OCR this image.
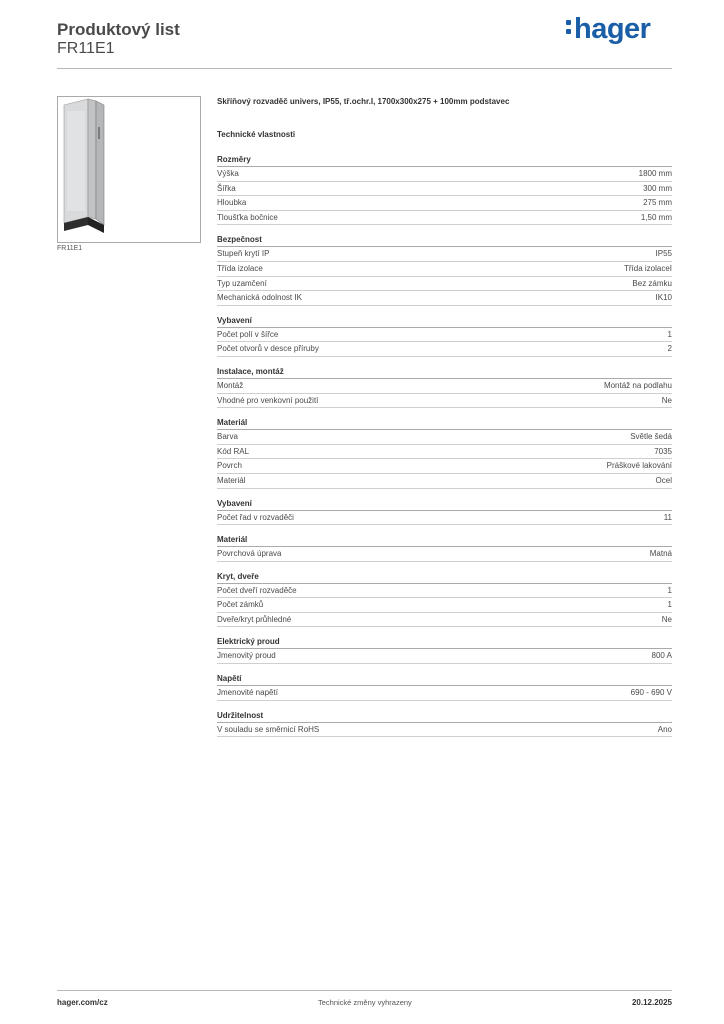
Produktový list
FR11E1
hager
FR11E1

Skříňový rozvaděč univers, IP55, tř.ochr.I, 1700x300x275 + 100mm podstavec

Technické vlastnosti

Rozměry
Výška	1800 mm
Šířka	300 mm
Hloubka	275 mm
Tloušťka bočnice	1,50 mm
Bezpečnost
Stupeň krytí IP	IP55
Třída izolace	Třída izolaceI
Typ uzamčení	Bez zámku
Mechanická odolnost IK	IK10
Vybavení
Počet polí v šířce	1
Počet otvorů v desce příruby	2
Instalace, montáž
Montáž	Montáž na podlahu
Vhodné pro venkovní použití	Ne
Materiál
Barva	Světle šedá
Kód RAL	7035
Povrch	Práškové lakování
Materiál	Ocel
Vybavení
Počet řad v rozvaděči	11
Materiál
Povrchová úprava	Matná
Kryt, dveře
Počet dveří rozvaděče	1
Počet zámků	1
Dveře/kryt průhledné	Ne
Elektrický proud
Jmenovitý proud	800 A
Napětí
Jmenovité napětí	690 - 690 V
Udržitelnost
V souladu se směrnicí RoHS	Ano
hager.com/cz	Technické změny vyhrazeny	20.12.2025
